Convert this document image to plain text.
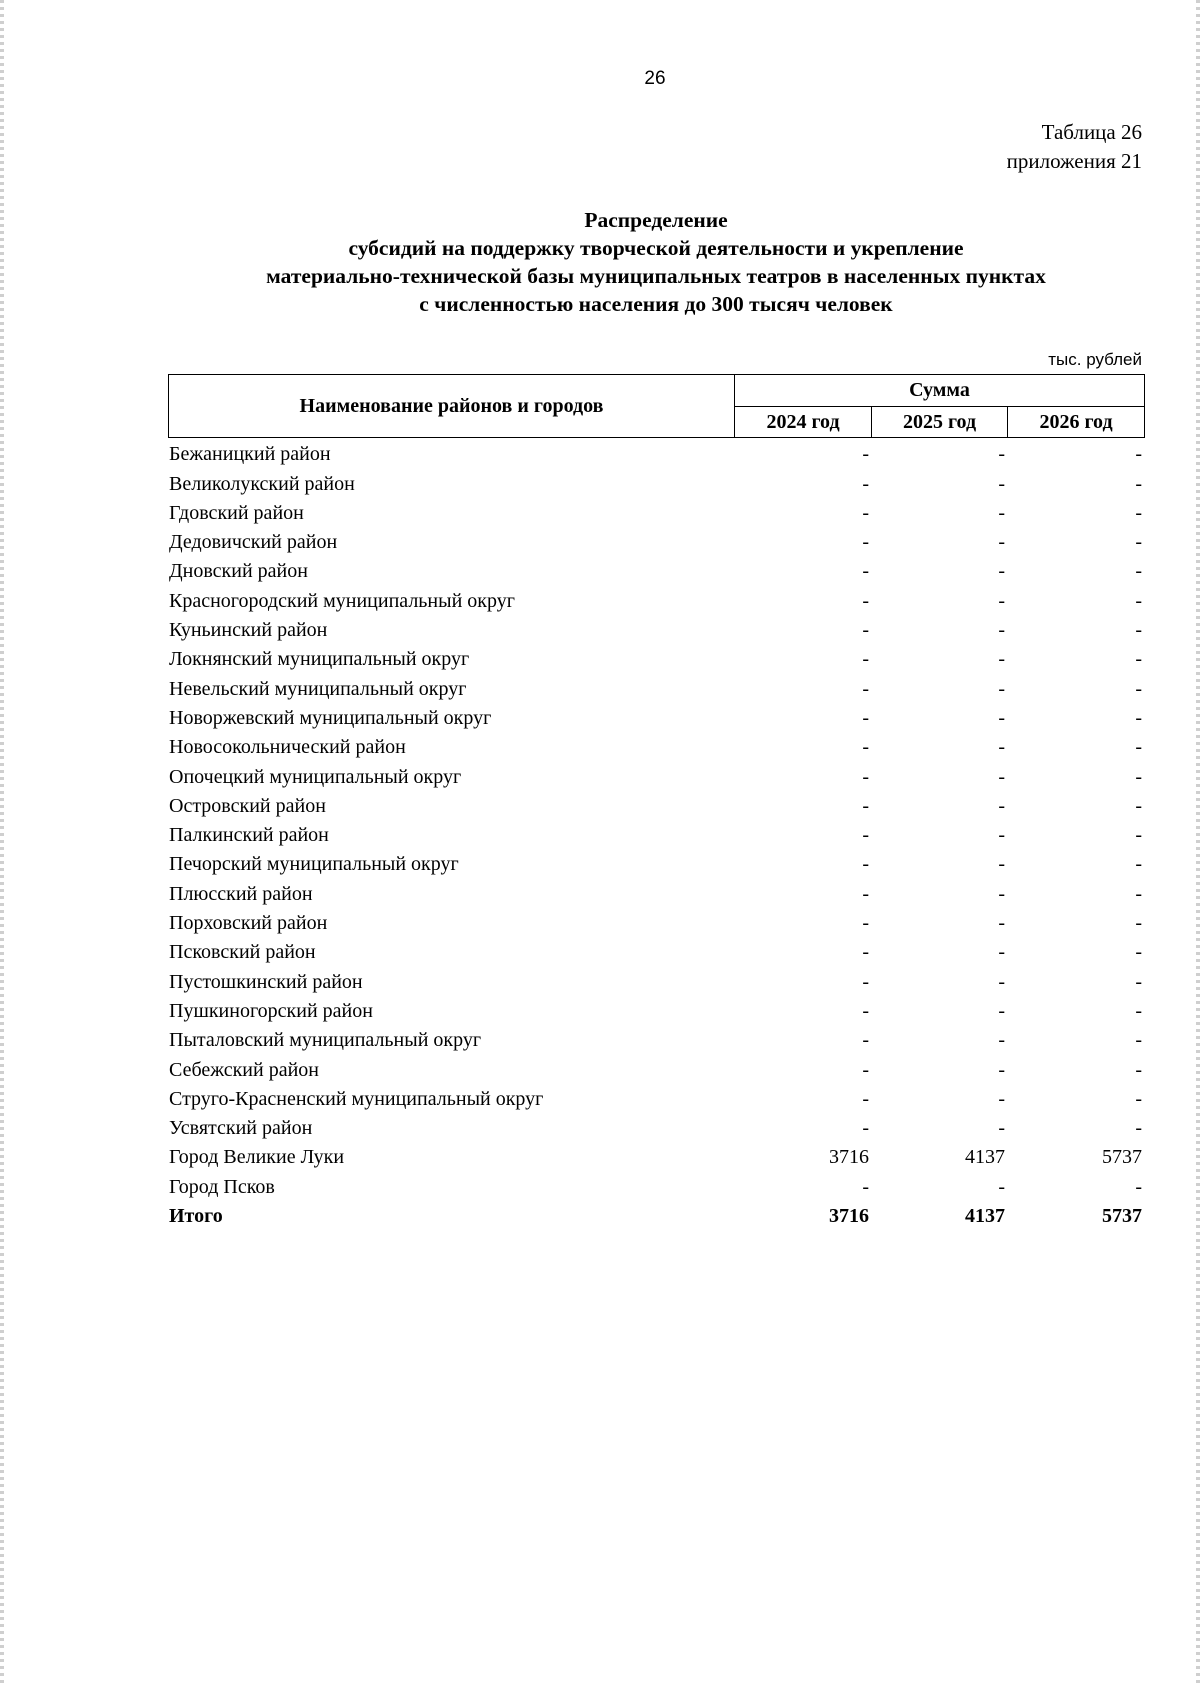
26
Таблица 26
приложения 21
Распределение
субсидий на поддержку творческой деятельности и укрепление
материально-технической базы муниципальных театров в населенных пунктах
с численностью населения до 300 тысяч человек
тыс. рублей
Наименование районов и городов	Сумма		
	2024 год	2025 год	2026 год
Бежаницкий район	-	-	-
Великолукский район	-	-	-
Гдовский район	-	-	-
Дедовичский район	-	-	-
Дновский район	-	-	-
Красногородский муниципальный округ	-	-	-
Куньинский район	-	-	-
Локнянский муниципальный округ	-	-	-
Невельский муниципальный округ	-	-	-
Новоржевский муниципальный округ	-	-	-
Новосокольнический район	-	-	-
Опочецкий муниципальный округ	-	-	-
Островский район	-	-	-
Палкинский район	-	-	-
Печорский муниципальный округ	-	-	-
Плюсский район	-	-	-
Порховский район	-	-	-
Псковский район	-	-	-
Пустошкинский район	-	-	-
Пушкиногорский район	-	-	-
Пыталовский муниципальный округ	-	-	-
Себежский район	-	-	-
Струго-Красненский муниципальный округ	-	-	-
Усвятский район	-	-	-
Город Великие Луки	3716	4137	5737
Город Псков	-	-	-
Итого	3716	4137	5737
